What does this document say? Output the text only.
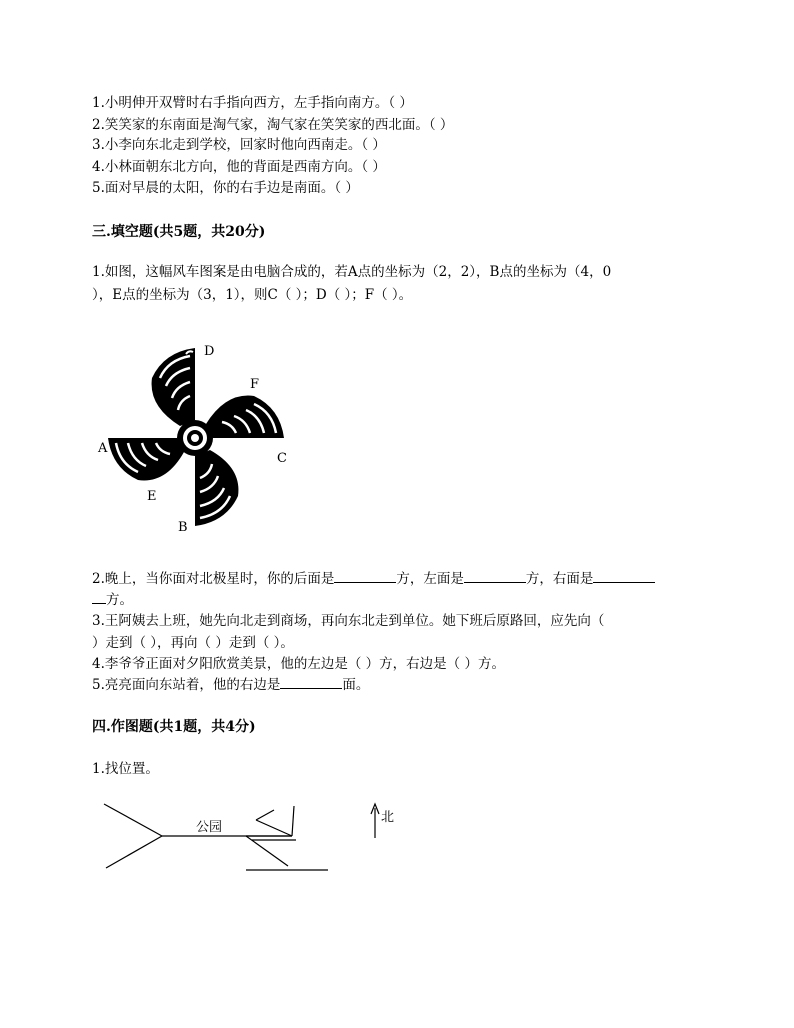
1.小明伸开双臂时右手指向西方，左手指向南方。（ ）
2.笑笑家的东南面是淘气家，淘气家在笑笑家的西北面。（ ）
3.小李向东北走到学校，回家时他向西南走。（ ）
4.小林面朝东北方向，他的背面是西南方向。（ ）
5.面对早晨的太阳，你的右手边是南面。（ ）
三.填空题(共5题，共20分)
1.如图，这幅风车图案是由电脑合成的，若A点的坐标为（2，2），B点的坐标为（4，0
），E点的坐标为（3，1），则C（ ）；D（ ）；F（ ）。
D
F
C
A
E
B
2.晚上，当你面对北极星时，你的后面是	方，左面是	方，右面是
方。
3.王阿姨去上班，她先向北走到商场，再向东北走到单位。她下班后原路回，应先向（
）走到（ ），再向（ ）走到（ ）。
4.李爷爷正面对夕阳欣赏美景，他的左边是（ ）方，右边是（ ）方。
5.亮亮面向东站着，他的右边是	面。
四.作图题(共1题，共4分)
1.找位置。
公园
北
